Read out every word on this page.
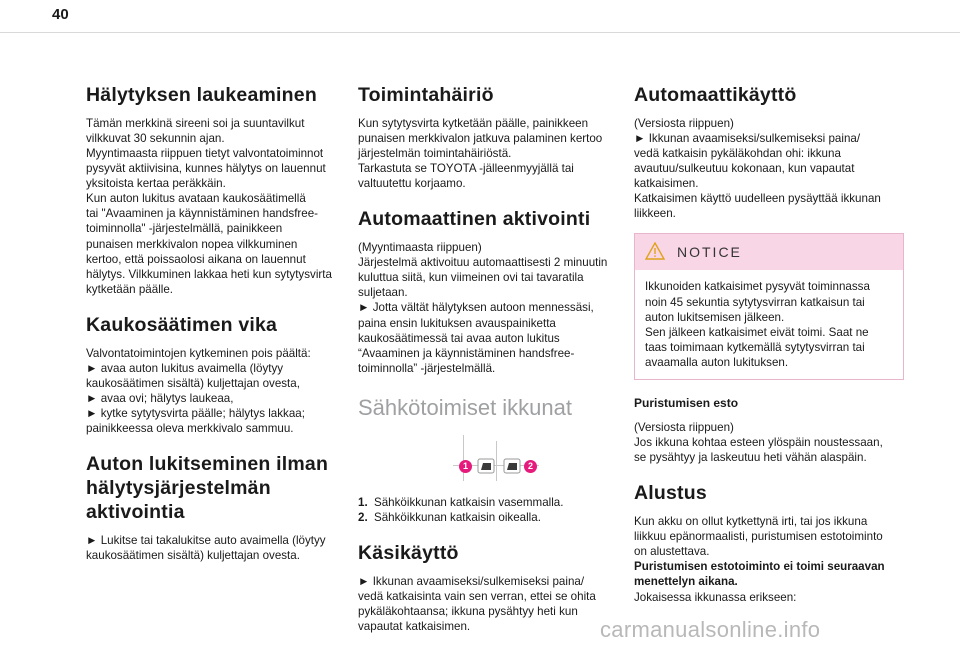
40
Hälytyksen laukeaminen

Tämän merkkinä sireeni soi ja suuntavilkut
vilkkuvat 30 sekunnin ajan.
Myyntimaasta riippuen tietyt valvontatoiminnot
pysyvät aktiivisina, kunnes hälytys on lauennut
yksitoista kertaa peräkkäin.
Kun auton lukitus avataan kaukosäätimellä
tai "Avaaminen ja käynnistäminen handsfree-
toiminnolla" -järjestelmällä, painikkeen
punaisen merkkivalon nopea vilkkuminen
kertoo, että poissaolosi aikana on lauennut
hälytys. Vilkkuminen lakkaa heti kun sytytysvirta
kytketään päälle.

Kaukosäätimen vika

Valvontatoimintojen kytkeminen pois päältä:
► avaa auton lukitus avaimella (löytyy
kaukosäätimen sisältä) kuljettajan ovesta,
► avaa ovi; hälytys laukeaa,
► kytke sytytysvirta päälle; hälytys lakkaa;
painikkeessa oleva merkkivalo sammuu.

Auton lukitseminen ilman
hälytysjärjestelmän
aktivointia

► Lukitse tai takalukitse auto avaimella (löytyy
kaukosäätimen sisältä) kuljettajan ovesta.

Toimintahäiriö

Kun sytytysvirta kytketään päälle, painikkeen
punaisen merkkivalon jatkuva palaminen kertoo
järjestelmän toimintahäiriöstä.
Tarkastuta se TOYOTA -jälleenmyyjällä tai
valtuutettu korjaamo.

Automaattinen aktivointi

(Myyntimaasta riippuen)
Järjestelmä aktivoituu automaattisesti 2 minuutin
kuluttua siitä, kun viimeinen ovi tai tavaratila
suljetaan.
► Jotta vältät hälytyksen autoon mennessäsi,
paina ensin lukituksen avauspainiketta
kaukosäätimessä tai avaa auton lukitus
“Avaaminen ja käynnistäminen handsfree-
toiminnolla” -järjestelmällä.

Sähkötoimiset ikkunat
1	2
1. Sähköikkunan katkaisin vasemmalla.
2. Sähköikkunan katkaisin oikealla.
Käsikäyttö

► Ikkunan avaamiseksi/sulkemiseksi paina/
vedä katkaisinta vain sen verran, ettei se ohita
pykäläkohtaansa; ikkuna pysähtyy heti kun
vapautat katkaisimen.

Automaattikäyttö

(Versiosta riippuen)
► Ikkunan avaamiseksi/sulkemiseksi paina/
vedä katkaisin pykäläkohdan ohi: ikkuna
avautuu/sulkeutuu kokonaan, kun vapautat
katkaisimen.
Katkaisimen käyttö uudelleen pysäyttää ikkunan
liikkeen.

NOTICE

Ikkunoiden katkaisimet pysyvät toiminnassa
noin 45 sekuntia sytytysvirran katkaisun tai
auton lukitsemisen jälkeen.
Sen jälkeen katkaisimet eivät toimi. Saat ne
taas toimimaan kytkemällä sytytysvirran tai
avaamalla auton lukituksen.

Puristumisen esto

(Versiosta riippuen)
Jos ikkuna kohtaa esteen ylöspäin noustessaan,
se pysähtyy ja laskeutuu heti vähän alaspäin.

Alustus

Kun akku on ollut kytkettynä irti, tai jos ikkuna
liikkuu epänormaalisti, puristumisen estotoiminto
on alustettava.

Puristumisen estotoiminto ei toimi seuraavan
menettelyn aikana.

Jokaisessa ikkunassa erikseen:

carmanualsonline.info
